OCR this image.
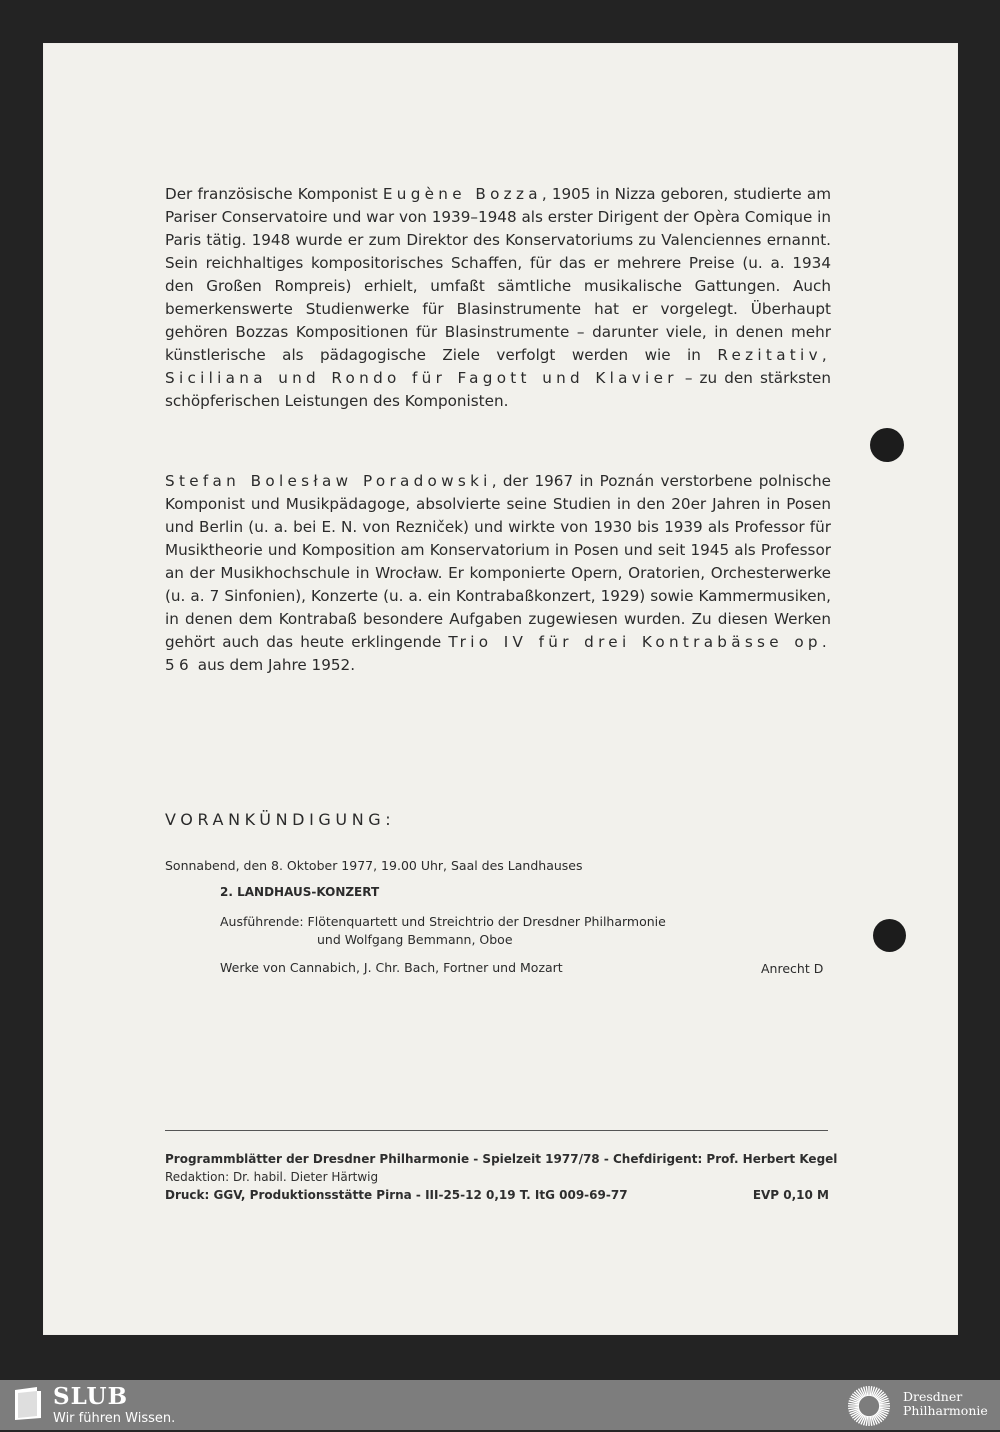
Der französische Komponist Eugène Bozza, 1905 in Nizza geboren, studierte am Pariser Conservatoire und war von 1939–1948 als erster Dirigent der Opèra Comique in Paris tätig. 1948 wurde er zum Direktor des Konservatoriums zu Valenciennes ernannt. Sein reichhaltiges kompositorisches Schaffen, für das er mehrere Preise (u. a. 1934 den Großen Rompreis) erhielt, umfaßt sämtliche musikalische Gattungen. Auch bemerkenswerte Studienwerke für Blasinstrumente hat er vorgelegt. Überhaupt gehören Bozzas Kompositionen für Blasinstrumente – darunter viele, in denen mehr künstlerische als pädagogische Ziele verfolgt werden wie in Rezitativ, Siciliana und Rondo für Fagott und Klavier – zu den stärksten schöpferischen Leistungen des Komponisten.

Stefan Bolesław Poradowski, der 1967 in Poznán verstorbene polnische Komponist und Musikpädagoge, absolvierte seine Studien in den 20er Jahren in Posen und Berlin (u. a. bei E. N. von Rezniček) und wirkte von 1930 bis 1939 als Professor für Musiktheorie und Komposition am Konservatorium in Posen und seit 1945 als Professor an der Musikhochschule in Wrocław. Er komponierte Opern, Oratorien, Orchesterwerke (u. a. 7 Sinfonien), Konzerte (u. a. ein Kontrabaßkonzert, 1929) sowie Kammermusiken, in denen dem Kontrabaß besondere Aufgaben zugewiesen wurden. Zu diesen Werken gehört auch das heute erklingende Trio IV für drei Kontrabässe op. 56 aus dem Jahre 1952.

VORANKÜNDIGUNG:
Sonnabend, den 8. Oktober 1977, 19.00 Uhr, Saal des Landhauses
2. LANDHAUS-KONZERT
Ausführende: Flötenquartett und Streichtrio der Dresdner Philharmonie
und Wolfgang Bemmann, Oboe
Werke von Cannabich, J. Chr. Bach, Fortner und Mozart	Anrecht D
Programmblätter der Dresdner Philharmonie - Spielzeit 1977/78 - Chefdirigent: Prof. Herbert Kegel
Redaktion: Dr. habil. Dieter Härtwig
Druck: GGV, Produktionsstätte Pirna - III-25-12 0,19 T. ItG 009-69-77	EVP 0,10 M
SLUB
Wir führen Wissen.
Dresdner
Philharmonie
